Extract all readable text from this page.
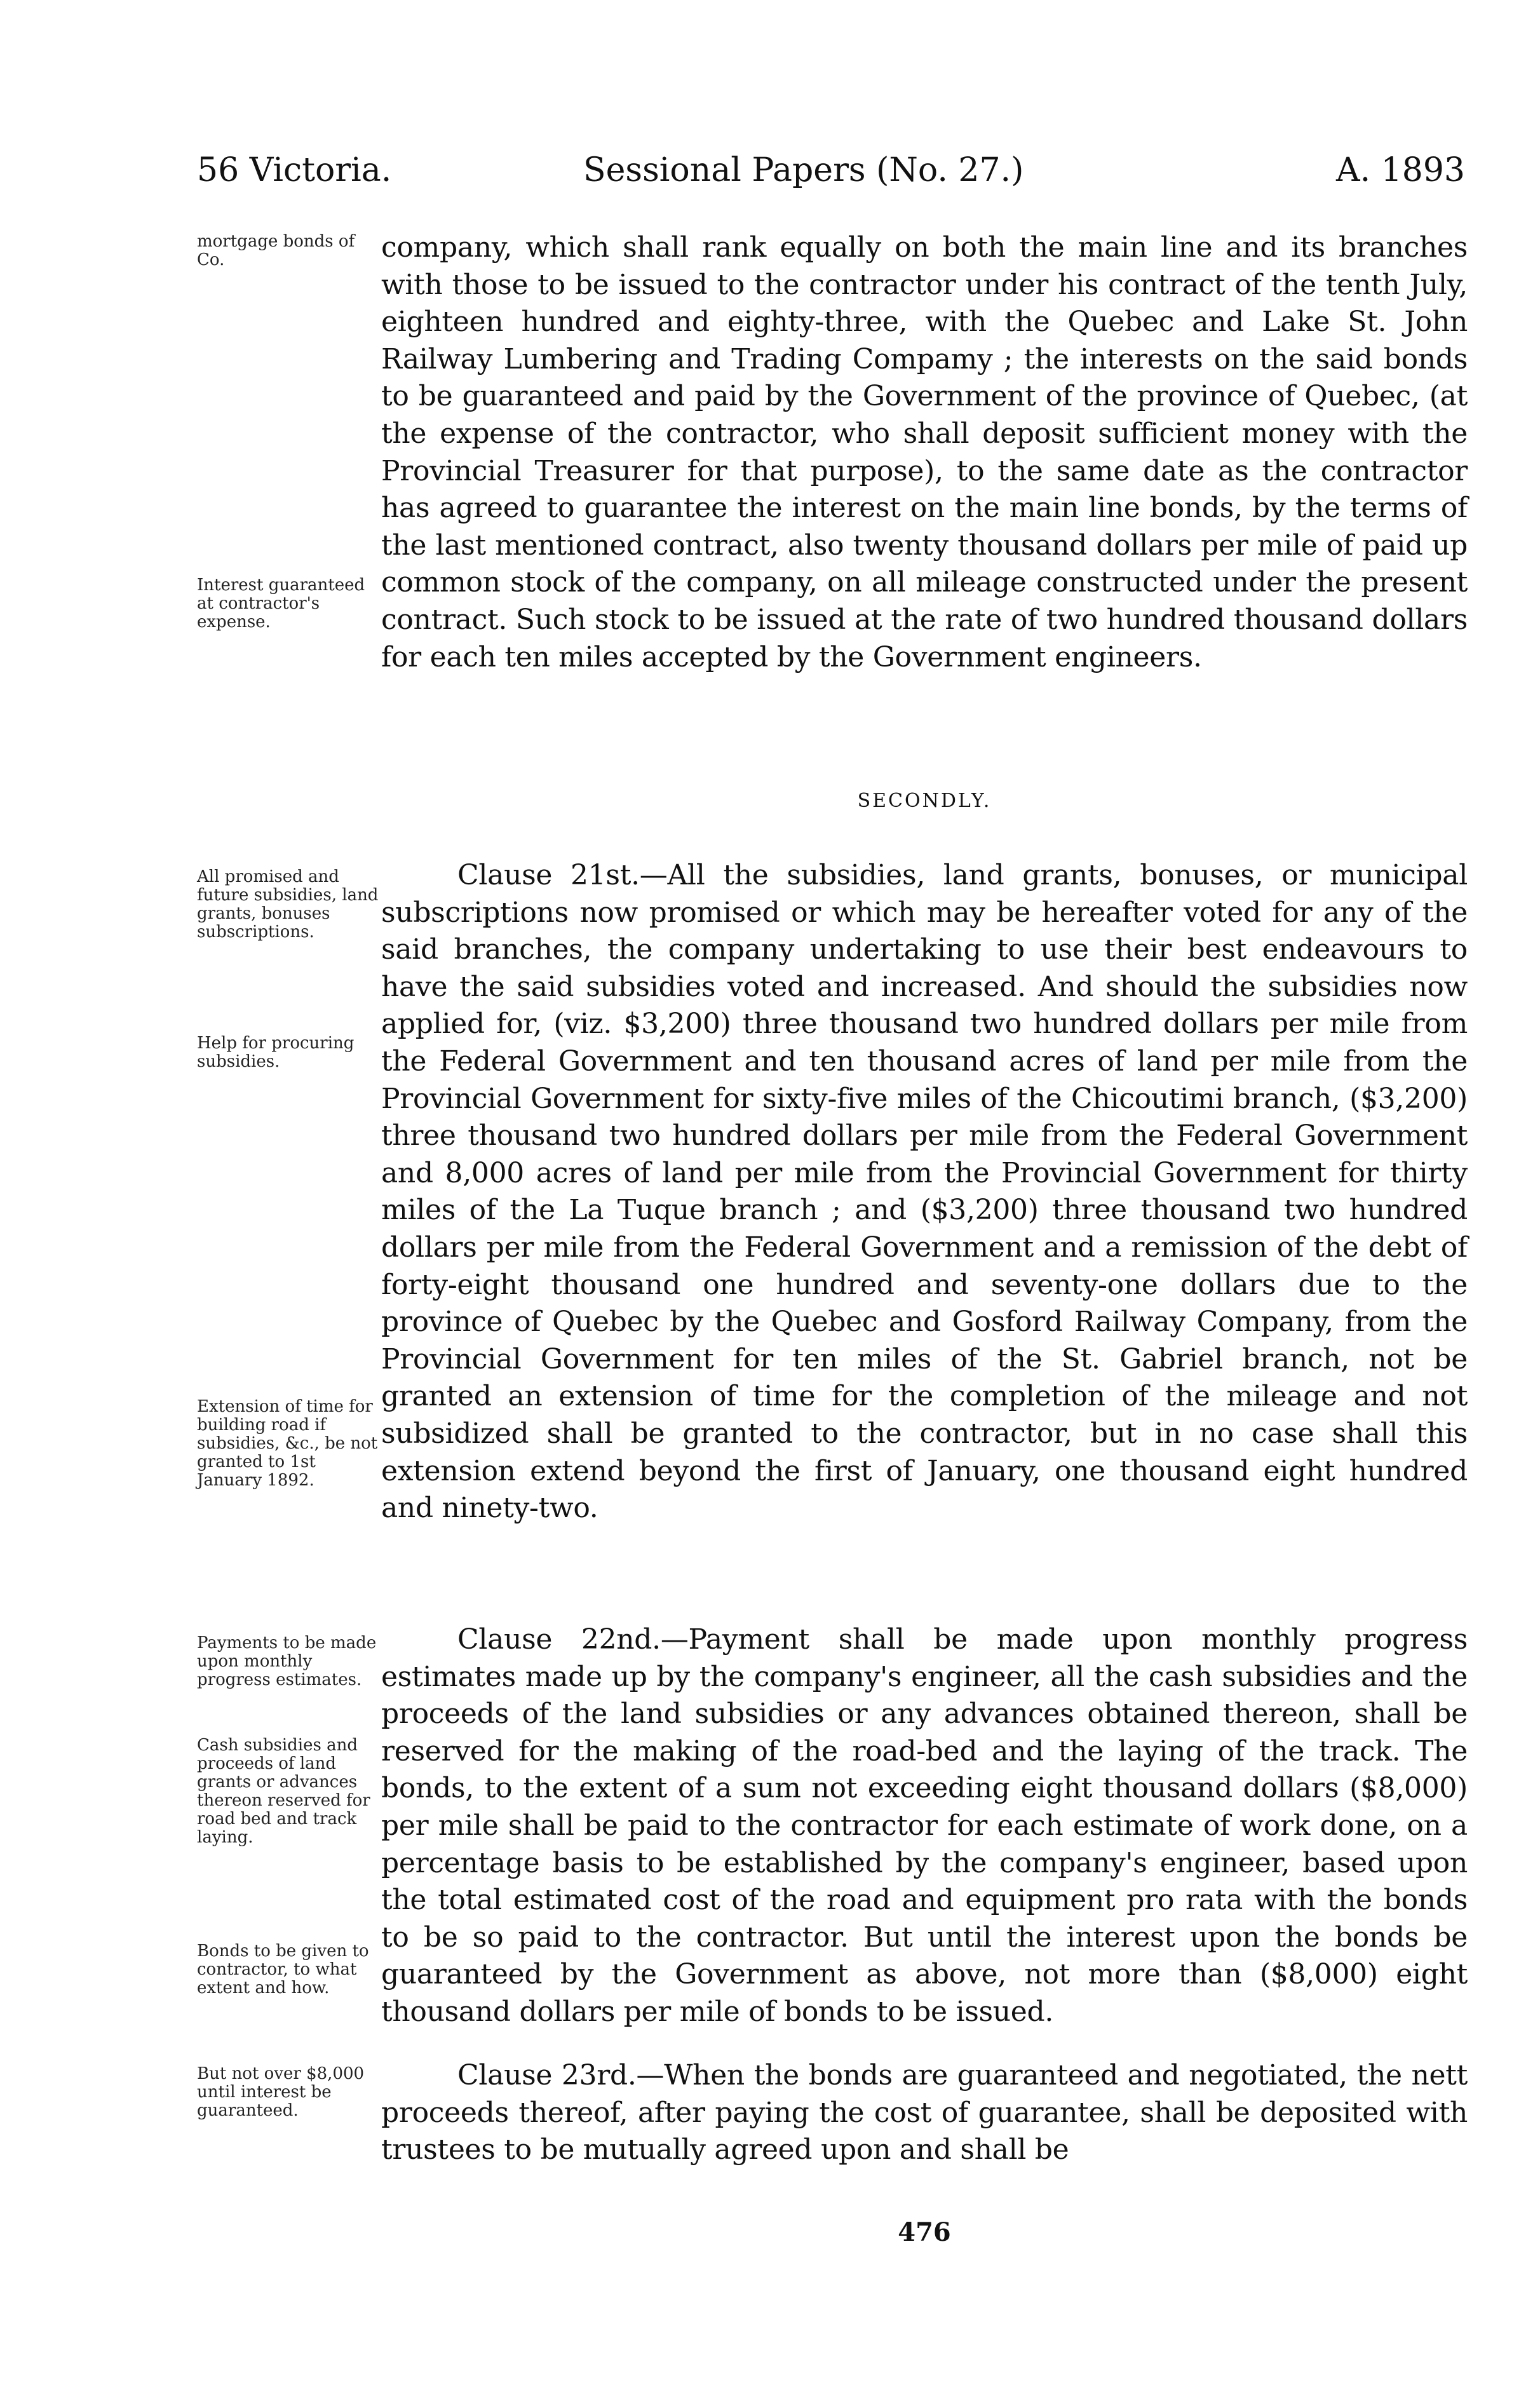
56 Victoria.	Sessional Papers (No. 27.)	A. 1893

mortgage bonds of Co.

Interest guaranteed at contractor's expense.

All promised and future subsidies, land grants, bonuses subscriptions.

Help for procuring subsidies.

Extension of time for building road if subsidies, &c., be not granted to 1st January 1892.

Payments to be made upon monthly progress estimates.

Cash subsidies and proceeds of land grants or advances thereon reserved for road bed and track laying.

Bonds to be given to contractor, to what extent and how.

But not over $8,000 until interest be guaranteed.

company, which shall rank equally on both the main line and its branches with those to be issued to the contractor under his contract of the tenth July, eighteen hundred and eighty-three, with the Quebec and Lake St. John Railway Lumbering and Trading Compamy ; the interests on the said bonds to be guaranteed and paid by the Government of the province of Quebec, (at the expense of the contractor, who shall deposit sufficient money with the Provincial Treasurer for that purpose), to the same date as the contractor has agreed to guarantee the interest on the main line bonds, by the terms of the last mentioned contract, also twenty thousand dollars per mile of paid up common stock of the company, on all mileage constructed under the present contract. Such stock to be issued at the rate of two hundred thousand dollars for each ten miles accepted by the Government engineers.

SECONDLY.

Clause 21st.—All the subsidies, land grants, bonuses, or municipal subscriptions now promised or which may be hereafter voted for any of the said branches, the company undertaking to use their best endeavours to have the said subsidies voted and increased. And should the subsidies now applied for, (viz. $3,200) three thousand two hundred dollars per mile from the Federal Government and ten thousand acres of land per mile from the Provincial Government for sixty-five miles of the Chicoutimi branch, ($3,200) three thousand two hundred dollars per mile from the Federal Government and 8,000 acres of land per mile from the Provincial Government for thirty miles of the La Tuque branch ; and ($3,200) three thousand two hundred dollars per mile from the Federal Government and a remission of the debt of forty-eight thousand one hundred and seventy-one dollars due to the province of Quebec by the Quebec and Gosford Railway Company, from the Provincial Government for ten miles of the St. Gabriel branch, not be granted an extension of time for the completion of the mileage and not subsidized shall be granted to the contractor, but in no case shall this extension extend beyond the first of January, one thousand eight hundred and ninety-two.

Clause 22nd.—Payment shall be made upon monthly progress estimates made up by the company's engineer, all the cash subsidies and the proceeds of the land subsidies or any advances obtained thereon, shall be reserved for the making of the road-bed and the laying of the track. The bonds, to the extent of a sum not exceeding eight thousand dollars ($8,000) per mile shall be paid to the contractor for each estimate of work done, on a percentage basis to be established by the company's engineer, based upon the total estimated cost of the road and equipment pro rata with the bonds to be so paid to the contractor. But until the interest upon the bonds be guaranteed by the Government as above, not more than ($8,000) eight thousand dollars per mile of bonds to be issued.

Clause 23rd.—When the bonds are guaranteed and negotiated, the nett proceeds thereof, after paying the cost of guarantee, shall be deposited with trustees to be mutually agreed upon and shall be

476
